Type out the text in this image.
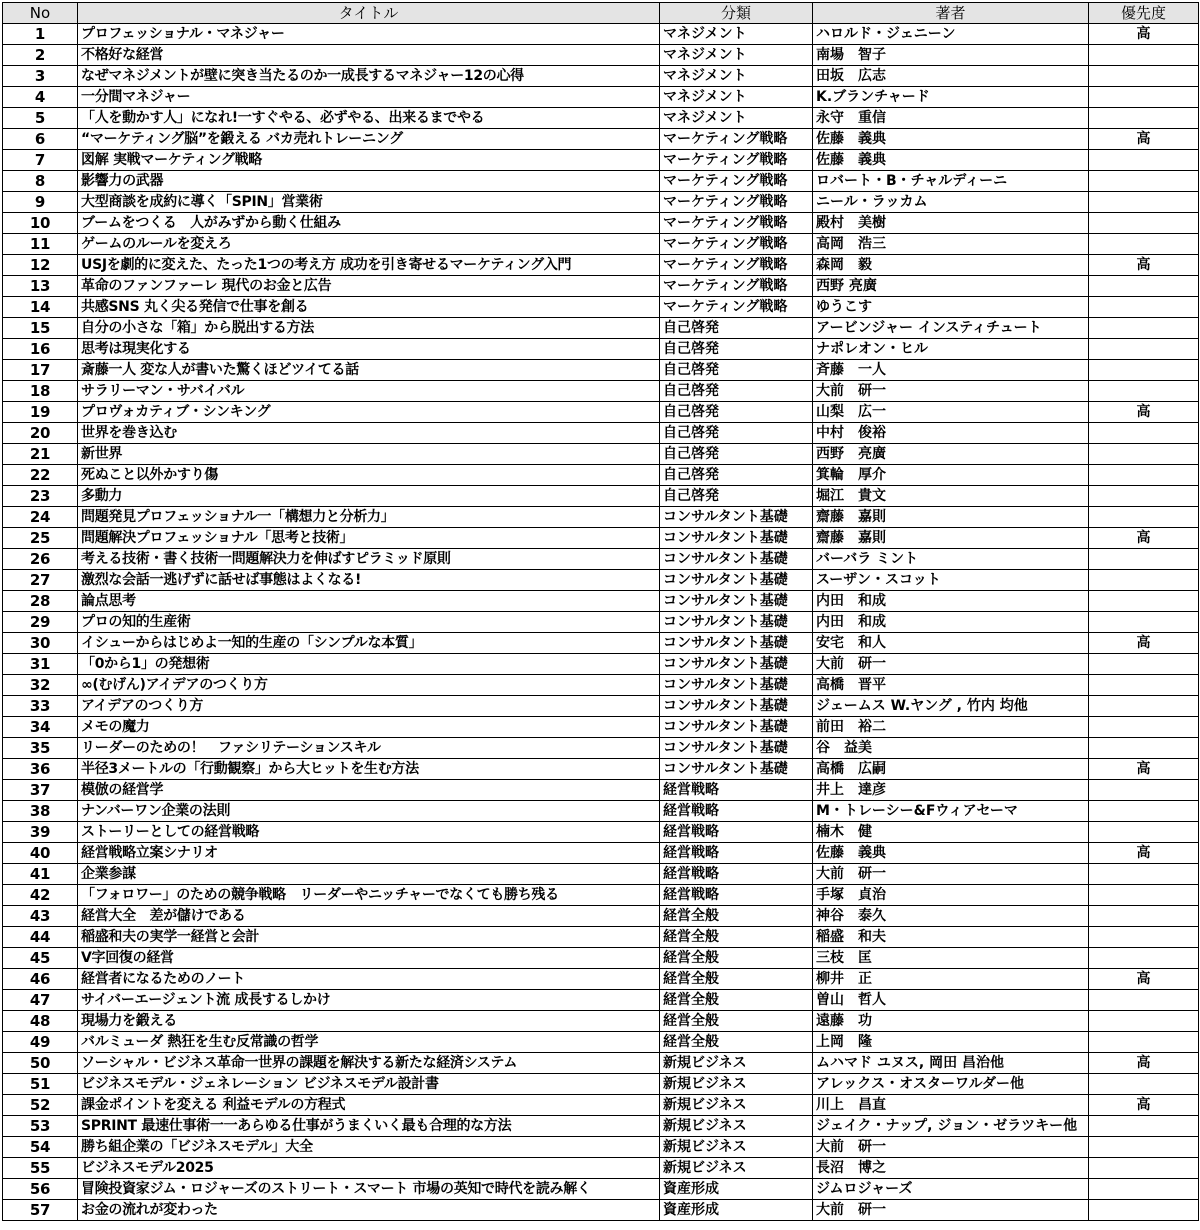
No	タイトル	分類	著者	優先度
1	プロフェッショナル・マネジャー	マネジメント	ハロルド・ジェニーン	高
2	不格好な経営	マネジメント	南場　智子	
3	なぜマネジメントが壁に突き当たるのか一成長するマネジャー12の心得	マネジメント	田坂　広志	
4	一分間マネジャー	マネジメント	K.ブランチャード	
5	「人を動かす人」になれ!一すぐやる、必ずやる、出来るまでやる	マネジメント	永守　重信	
6	“マーケティング脳”を鍛える バカ売れトレーニング	マーケティング戦略	佐藤　義典	高
7	図解 実戦マーケティング戦略	マーケティング戦略	佐藤　義典	
8	影響力の武器	マーケティング戦略	ロバート・B・チャルディーニ	
9	大型商談を成約に導く「SPIN」営業術	マーケティング戦略	ニール・ラッカム	
10	ブームをつくる　人がみずから動く仕組み	マーケティング戦略	殿村　美樹	
11	ゲームのルールを変えろ	マーケティング戦略	高岡　浩三	
12	USJを劇的に変えた、たった1つの考え方 成功を引き寄せるマーケティング入門	マーケティング戦略	森岡　毅	高
13	革命のファンファーレ 現代のお金と広告	マーケティング戦略	西野 亮廣	
14	共感SNS 丸く尖る発信で仕事を創る	マーケティング戦略	ゆうこす	
15	自分の小さな「箱」から脱出する方法	自己啓発	アービンジャー インスティチュート	
16	思考は現実化する	自己啓発	ナポレオン・ヒル	
17	斎藤一人 変な人が書いた驚くほどツイてる話	自己啓発	斉藤　一人	
18	サラリーマン・サバイバル	自己啓発	大前　研一	
19	プロヴォカティブ・シンキング	自己啓発	山梨　広一	高
20	世界を巻き込む	自己啓発	中村　俊裕	
21	新世界	自己啓発	西野　亮廣	
22	死ぬこと以外かすり傷	自己啓発	箕輪　厚介	
23	多動力	自己啓発	堀江　貴文	
24	問題発見プロフェッショナル一「構想力と分析力」	コンサルタント基礎	齋藤　嘉則	
25	問題解決プロフェッショナル「思考と技術」	コンサルタント基礎	齋藤　嘉則	高
26	考える技術・書く技術一問題解決力を伸ばすピラミッド原則	コンサルタント基礎	バーバラ ミント	
27	激烈な会話一逃げずに話せば事態はよくなる!	コンサルタント基礎	スーザン・スコット	
28	論点思考	コンサルタント基礎	内田　和成	
29	プロの知的生産術	コンサルタント基礎	内田　和成	
30	イシューからはじめよ一知的生産の「シンプルな本質」	コンサルタント基礎	安宅　和人	高
31	「0から1」の発想術	コンサルタント基礎	大前　研一	
32	∞(むげん)アイデアのつくり方	コンサルタント基礎	高橋　晋平	
33	アイデアのつくり方	コンサルタント基礎	ジェームス W.ヤング , 竹内 均他	
34	メモの魔力	コンサルタント基礎	前田　裕二	
35	リーダーのための！　ファシリテーションスキル	コンサルタント基礎	谷　益美	
36	半径3メートルの「行動観察」から大ヒットを生む方法	コンサルタント基礎	高橋　広嗣	高
37	模倣の経営学	経営戦略	井上　達彦	
38	ナンバーワン企業の法則	経営戦略	M・トレーシー&Fウィアセーマ	
39	ストーリーとしての経営戦略	経営戦略	楠木　健	
40	経営戦略立案シナリオ	経営戦略	佐藤　義典	高
41	企業参謀	経営戦略	大前　研一	
42	「フォロワー」のための競争戦略　リーダーやニッチャーでなくても勝ち残る	経営戦略	手塚　貞治	
43	経営大全　差が儲けである	経営全般	神谷　泰久	
44	稲盛和夫の実学一経営と会計	経営全般	稲盛　和夫	
45	V字回復の経営	経営全般	三枝　匡	
46	経営者になるためのノート	経営全般	柳井　正	高
47	サイバーエージェント流 成長するしかけ	経営全般	曽山　哲人	
48	現場力を鍛える	経営全般	遠藤　功	
49	バルミューダ 熱狂を生む反常識の哲学	経営全般	上岡　隆	
50	ソーシャル・ビジネス革命一世界の課題を解決する新たな経済システム	新規ビジネス	ムハマド ユヌス, 岡田 昌治他	高
51	ビジネスモデル・ジェネレーション ビジネスモデル設計書	新規ビジネス	アレックス・オスターワルダー他	
52	課金ポイントを変える 利益モデルの方程式	新規ビジネス	川上　昌直	高
53	SPRINT 最速仕事術一一あらゆる仕事がうまくいく最も合理的な方法	新規ビジネス	ジェイク・ナップ, ジョン・ゼラツキー他	
54	勝ち組企業の「ビジネスモデル」大全	新規ビジネス	大前　研一	
55	ビジネスモデル2025	新規ビジネス	長沼　博之	
56	冒険投資家ジム・ロジャーズのストリート・スマート 市場の英知で時代を読み解く	資産形成	ジムロジャーズ	
57	お金の流れが変わった	資産形成	大前　研一	
